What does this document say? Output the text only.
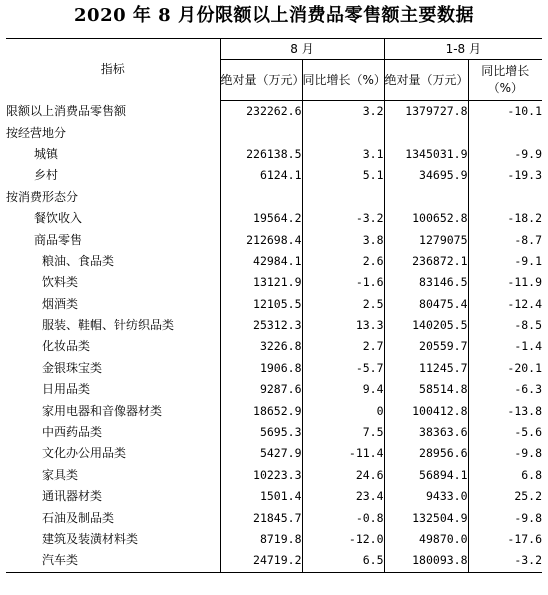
2020 年 8 月份限额以上消费品零售额主要数据
指标	8 月		1-8 月	
	绝对量（万元）	同比增长（%）	绝对量（万元）	同比增长（%）
限额以上消费品零售额	232262.6	3.2	1379727.8	-10.1
按经营地分				
城镇	226138.5	3.1	1345031.9	-9.9
乡村	6124.1	5.1	34695.9	-19.3
按消费形态分				
餐饮收入	19564.2	-3.2	100652.8	-18.2
商品零售	212698.4	3.8	1279075	-8.7
粮油、食品类	42984.1	2.6	236872.1	-9.1
饮料类	13121.9	-1.6	83146.5	-11.9
烟酒类	12105.5	2.5	80475.4	-12.4
服装、鞋帽、针纺织品类	25312.3	13.3	140205.5	-8.5
化妆品类	3226.8	2.7	20559.7	-1.4
金银珠宝类	1906.8	-5.7	11245.7	-20.1
日用品类	9287.6	9.4	58514.8	-6.3
家用电器和音像器材类	18652.9	0	100412.8	-13.8
中西药品类	5695.3	7.5	38363.6	-5.6
文化办公用品类	5427.9	-11.4	28956.6	-9.8
家具类	10223.3	24.6	56894.1	6.8
通讯器材类	1501.4	23.4	9433.0	25.2
石油及制品类	21845.7	-0.8	132504.9	-9.8
建筑及装潢材料类	8719.8	-12.0	49870.0	-17.6
汽车类	24719.2	6.5	180093.8	-3.2
